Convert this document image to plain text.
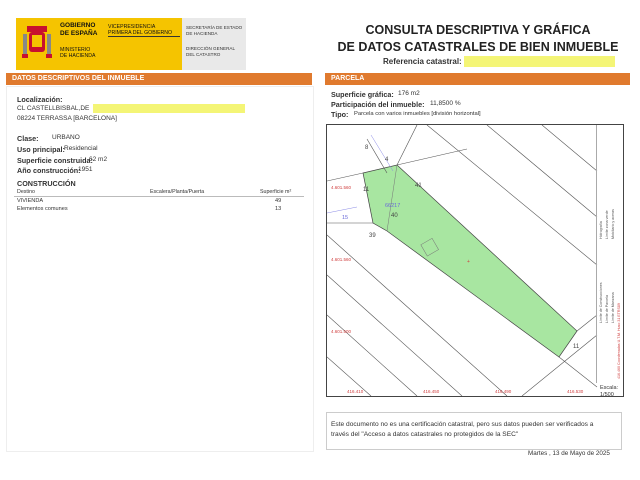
GOBIERNO
DE ESPAÑA
MINISTERIO
DE HACIENDA
VICEPRESIDENCIA
PRIMERA DEL GOBIERNO
SECRETARÍA DE ESTADO
DE HACIENDA
DIRECCIÓN GENERAL
DEL CATASTRO
CONSULTA DESCRIPTIVA Y GRÁFICA
DE DATOS CATASTRALES DE BIEN INMUEBLE
Referencia catastral:
DATOS DESCRIPTIVOS DEL INMUEBLE
Localización:
CL CASTELLBISBAL,DE
08224 TERRASSA [BARCELONA]
Clase: URBANO
Uso principal: Residencial
Superficie construida:
62 m2
Año construcción:
1951
CONSTRUCCIÓN
Destino	Escalera/Planta/Puerta	Superficie m²
VIVIENDA	49
Elementos comunes	13
PARCELA
Superficie gráfica: 176 m2
Participación del inmueble: 11,8500 %
Tipo: Parcela con varios inmuebles [división horizontal]
8
41
40
39
11
11
4
15
66217
4.601.560
4.601.560
4.601.500
416.410	416.450	416.490	416.530
+
Hidrografía Límite zona verde Mobiliario y aceras
Límite de Construcciones Límite de Parcela Límite de Manzana 416.460 Coordenadas U.T.M. Huso 31 ETRS89
Escala:
1/500
Este documento no es una certificación catastral, pero sus datos pueden ser verificados a
través del "Acceso a datos catastrales no protegidos de la SEC"
Martes , 13 de Mayo de 2025
